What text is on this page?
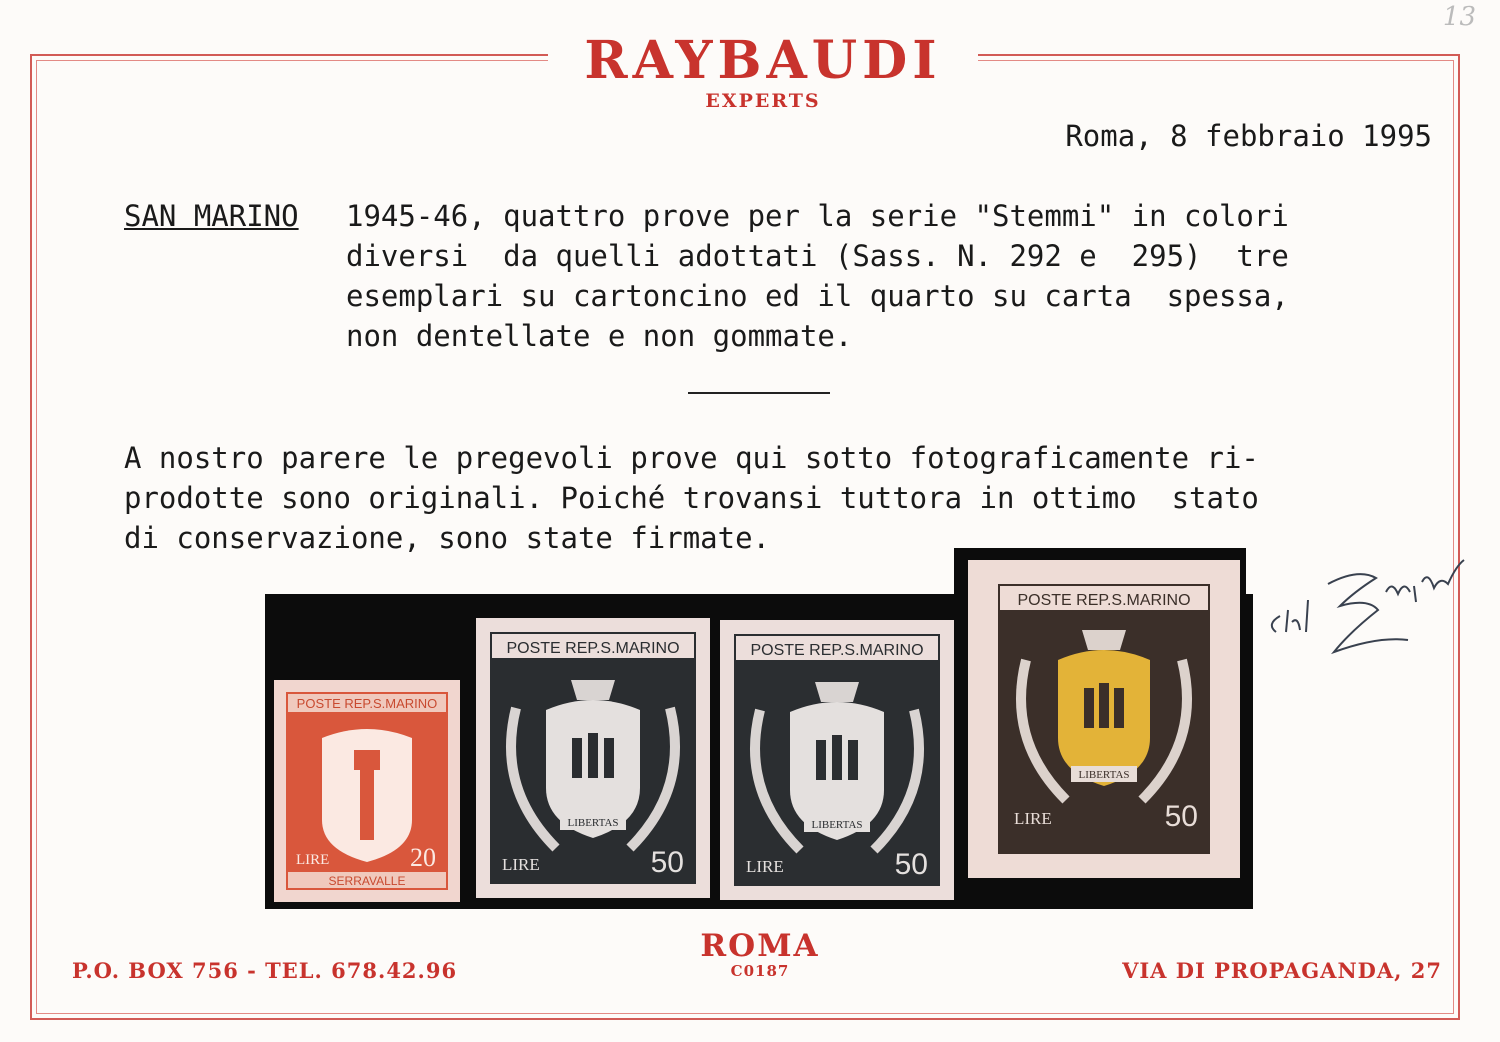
13
RAYBAUDI
EXPERTS
Roma, 8 febbraio 1995
SAN MARINO 1945-46, quattro prove per la serie "Stemmi" in colori
diversi  da quelli adottati (Sass. N. 292 e  295)  tre
esemplari su cartoncino ed il quarto su carta  spessa,
non dentellate e non gommate.
A nostro parere le pregevoli prove qui sotto fotograficamente ri-
prodotte sono originali. Poiché trovansi tuttora in ottimo  stato
di conservazione, sono state firmate.
POSTE REP.S.MARINO
SERRAVALLE
LIRE	20
POSTE REP.S.MARINO
LIBERTAS
LIRE	50
POSTE REP.S.MARINO
LIBERTAS
LIRE	50
POSTE REP.S.MARINO
LIBERTAS
LIRE	50
P.O. BOX 756 - TEL. 678.42.96
ROMA
C0187	VIA DI PROPAGANDA, 27
